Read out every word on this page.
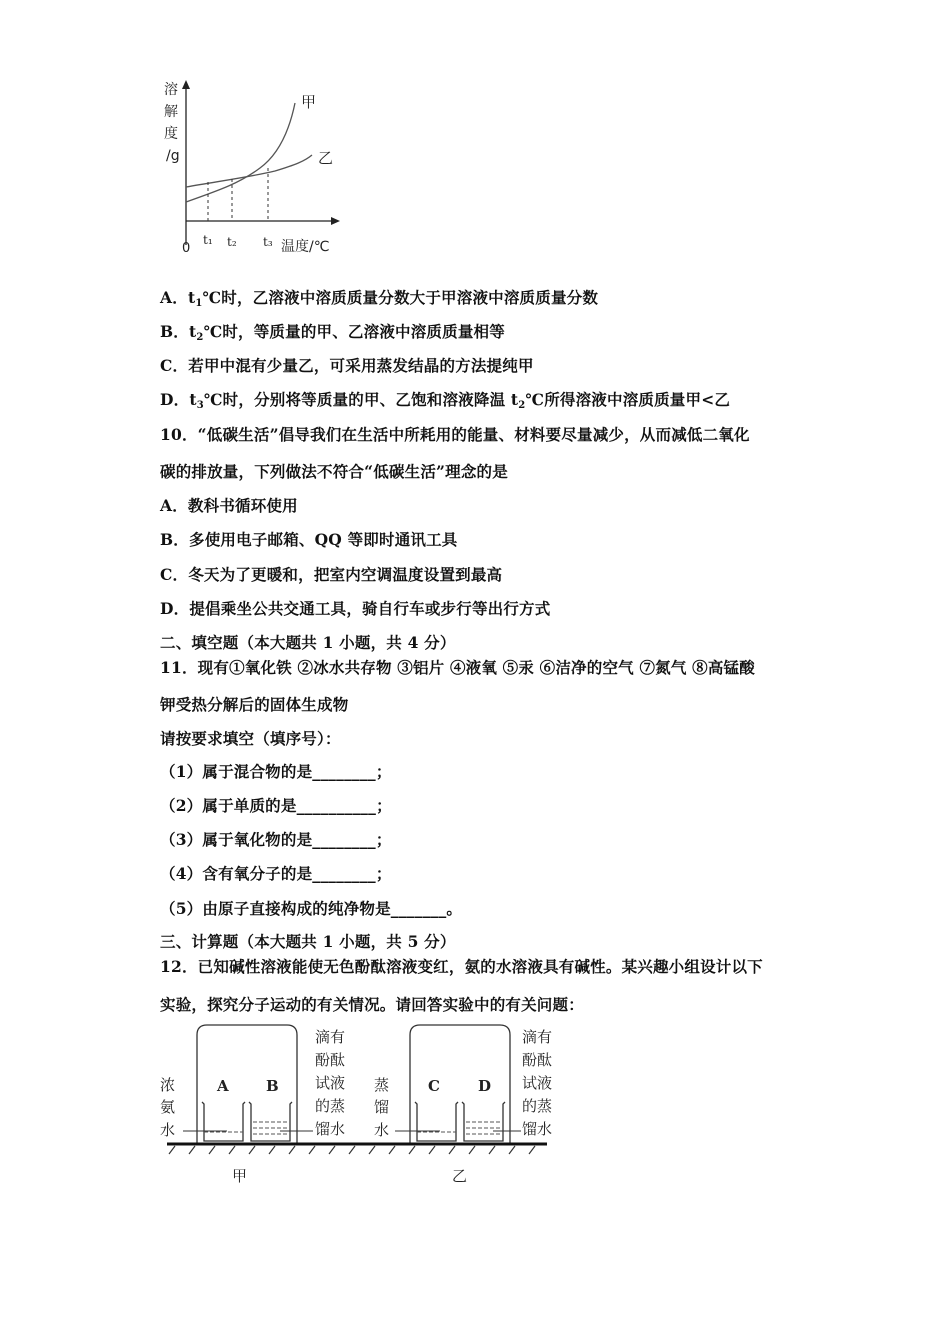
溶
解
度
/g
甲
乙
0
t₁ t₂ t₃ 温度/℃
A．$t_1℃$时，乙溶液中溶质质量分数大于甲溶液中溶质质量分数
B．$t_2℃$时，等质量的甲、乙溶液中溶质质量相等
C．若甲中混有少量乙，可采用蒸发结晶的方法提纯甲
D．$t_3℃$时，分别将等质量的甲、乙饱和溶液降温 $t_2℃$所得溶液中溶质质量甲<乙
10．“低碳生活”倡导我们在生活中所耗用的能量、材料要尽量减少，从而减低二氧化
碳的排放量，下列做法不符合“低碳生活”理念的是
A．教科书循环使用
B．多使用电子邮箱、QQ 等即时通讯工具
C．冬天为了更暖和，把室内空调温度设置到最高
D．提倡乘坐公共交通工具，骑自行车或步行等出行方式
二、填空题（本大题共 1 小题，共 4 分）
11．现有①氧化铁 ②冰水共存物 ③铝片 ④液氧 ⑤汞 ⑥洁净的空气 ⑦氮气 ⑧高锰酸
钾受热分解后的固体生成物
请按要求填空（填序号）：
（1）属于混合物的是________；
（2）属于单质的是__________；
（3）属于氧化物的是________；
（4）含有氧分子的是________；
（5）由原子直接构成的纯净物是_______。
三、计算题（本大题共 1 小题，共 5 分）
12．已知碱性溶液能使无色酚酞溶液变红，氨的水溶液具有碱性。某兴趣小组设计以下
实验，探究分子运动的有关情况。请回答实验中的有关问题：
浓
氨
水
A B
滴有
酚酞
试液
的蒸
馏水
蒸
馏
水
C	D
滴有
酚酞
试液
的蒸
馏水
甲	乙
